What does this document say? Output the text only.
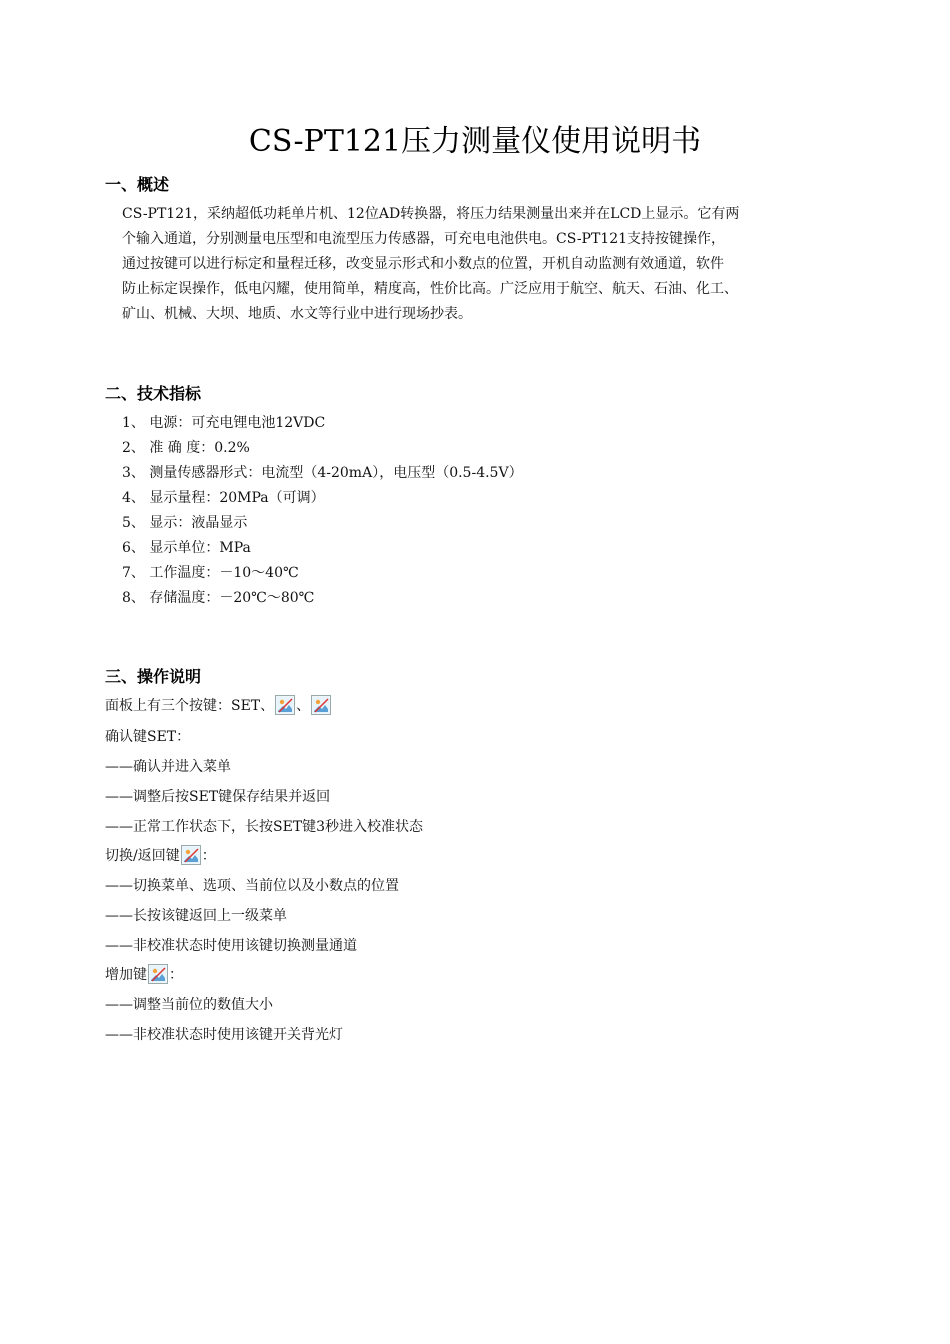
CS-PT121压力测量仪使用说明书
一、概述
CS-PT121，采纳超低功耗单片机、12位AD转换器，将压力结果测量出来并在LCD上显示。它有两
个输入通道，分别测量电压型和电流型压力传感器，可充电电池供电。CS-PT121支持按键操作，
通过按键可以进行标定和量程迁移，改变显示形式和小数点的位置，开机自动监测有效通道，软件
防止标定误操作，低电闪耀，使用简单，精度高，性价比高。广泛应用于航空、航天、石油、化工、
矿山、机械、大坝、地质、水文等行业中进行现场抄表。
二、技术指标
1、 电源：可充电锂电池12VDC
2、 准 确 度：0.2%
3、 测量传感器形式：电流型（4-20mA），电压型（0.5-4.5V）
4、 显示量程：20MPa（可调）
5、 显示：液晶显示
6、 显示单位：MPa
7、 工作温度：－10～40℃
8、 存储温度：－20℃～80℃
三、操作说明
面板上有三个按键：SET、 、
确认键SET：
——确认并进入菜单
——调整后按SET键保存结果并返回
——正常工作状态下，长按SET键3秒进入校准状态
切换/返回键 ：
——切换菜单、选项、当前位以及小数点的位置
——长按该键返回上一级菜单
——非校准状态时使用该键切换测量通道
增加键 ：
——调整当前位的数值大小
——非校准状态时使用该键开关背光灯
